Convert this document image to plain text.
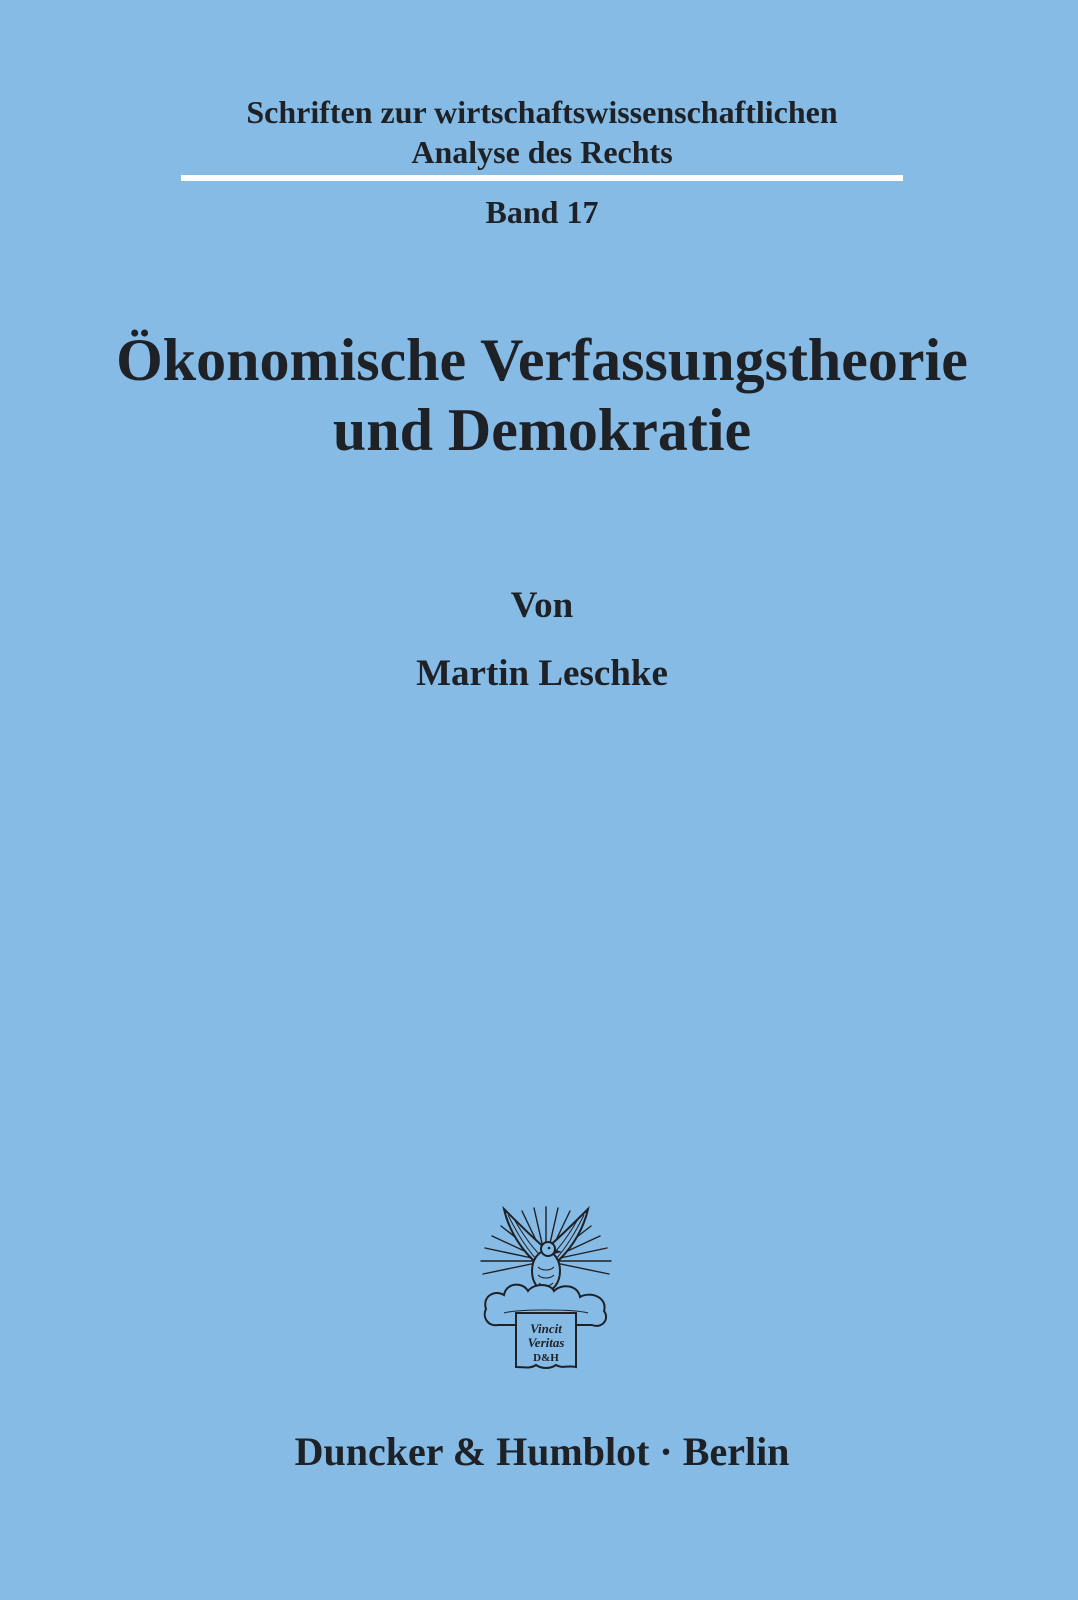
Schriften zur wirtschaftswissenschaftlichen
Analyse des Rechts
Band 17
Ökonomische Verfassungstheorie
und Demokratie
Von
Martin Leschke
Vincit
Veritas
D&H
Duncker & Humblot · Berlin
